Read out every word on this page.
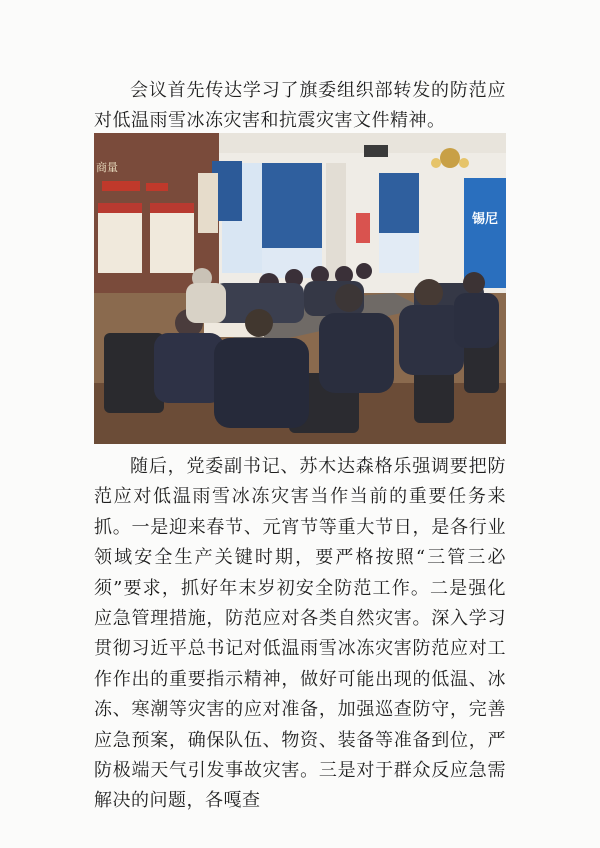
会议首先传达学习了旗委组织部转发的防范应对低温雨雪冰冻灾害和抗震灾害文件精神。

锡尼
商量

随后，党委副书记、苏木达森格乐强调要把防范应对低温雨雪冰冻灾害当作当前的重要任务来抓。一是迎来春节、元宵节等重大节日，是各行业领域安全生产关键时期，要严格按照“三管三必须”要求，抓好年末岁初安全防范工作。二是强化应急管理措施，防范应对各类自然灾害。深入学习贯彻习近平总书记对低温雨雪冰冻灾害防范应对工作作出的重要指示精神，做好可能出现的低温、冰冻、寒潮等灾害的应对准备，加强巡查防守，完善应急预案，确保队伍、物资、装备等准备到位，严防极端天气引发事故灾害。三是对于群众反应急需解决的问题，各嘎查
